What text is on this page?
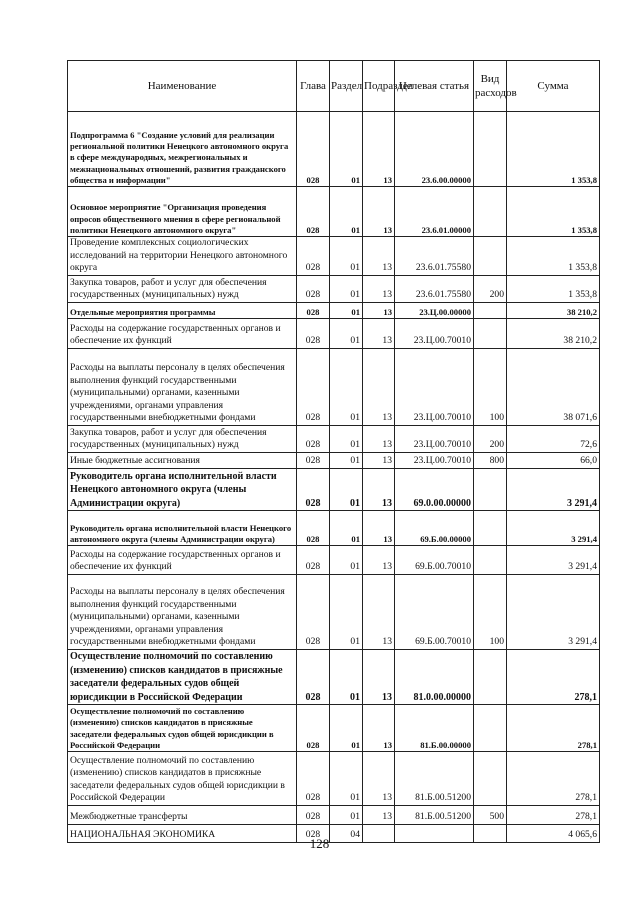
Наименование	Глава	Раздел	Подраздел	Целевая статья	Вид расходов	Сумма
Подпрограмма 6 "Создание условий для реализации региональной политики Ненецкого автономного округа в сфере международных, межрегиональных и межнациональных отношений, развития гражданского общества и информации"	028	01	13	23.6.00.00000		1 353,8
Основное мероприятие "Организация проведения опросов общественного мнения в сфере региональной политики Ненецкого автономного округа"	028	01	13	23.6.01.00000		1 353,8
Проведение комплексных социологических исследований на территории Ненецкого автономного округа	028	01	13	23.6.01.75580		1 353,8
Закупка товаров, работ и услуг для обеспечения государственных (муниципальных) нужд	028	01	13	23.6.01.75580	200	1 353,8
Отдельные мероприятия программы	028	01	13	23.Ц.00.00000		38 210,2
Расходы на содержание государственных органов и обеспечение их функций	028	01	13	23.Ц.00.70010		38 210,2
Расходы на выплаты персоналу в целях обеспечения выполнения функций государственными (муниципальными) органами, казенными учреждениями, органами управления государственными внебюджетными фондами	028	01	13	23.Ц.00.70010	100	38 071,6
Закупка товаров, работ и услуг для обеспечения государственных (муниципальных) нужд	028	01	13	23.Ц.00.70010	200	72,6
Иные бюджетные ассигнования	028	01	13	23.Ц.00.70010	800	66,0
Руководитель органа исполнительной власти Ненецкого автономного округа (члены Администрации округа)	028	01	13	69.0.00.00000		3 291,4
Руководитель органа исполнительной власти Ненецкого автономного округа (члены Администрации округа)	028	01	13	69.Б.00.00000		3 291,4
Расходы на содержание государственных органов и обеспечение их функций	028	01	13	69.Б.00.70010		3 291,4
Расходы на выплаты персоналу в целях обеспечения выполнения функций государственными (муниципальными) органами, казенными учреждениями, органами управления государственными внебюджетными фондами	028	01	13	69.Б.00.70010	100	3 291,4
Осуществление полномочий по составлению (изменению) списков кандидатов в присяжные заседатели федеральных судов общей юрисдикции в Российской Федерации	028	01	13	81.0.00.00000		278,1
Осуществление полномочий по составлению (изменению) списков кандидатов в присяжные заседатели федеральных судов общей юрисдикции в Российской Федерации	028	01	13	81.Б.00.00000		278,1
Осуществление полномочий по составлению (изменению) списков кандидатов в присяжные заседатели федеральных судов общей юрисдикции в Российской Федерации	028	01	13	81.Б.00.51200		278,1
Межбюджетные трансферты	028	01	13	81.Б.00.51200	500	278,1
НАЦИОНАЛЬНАЯ ЭКОНОМИКА	028	04				4 065,6
128
